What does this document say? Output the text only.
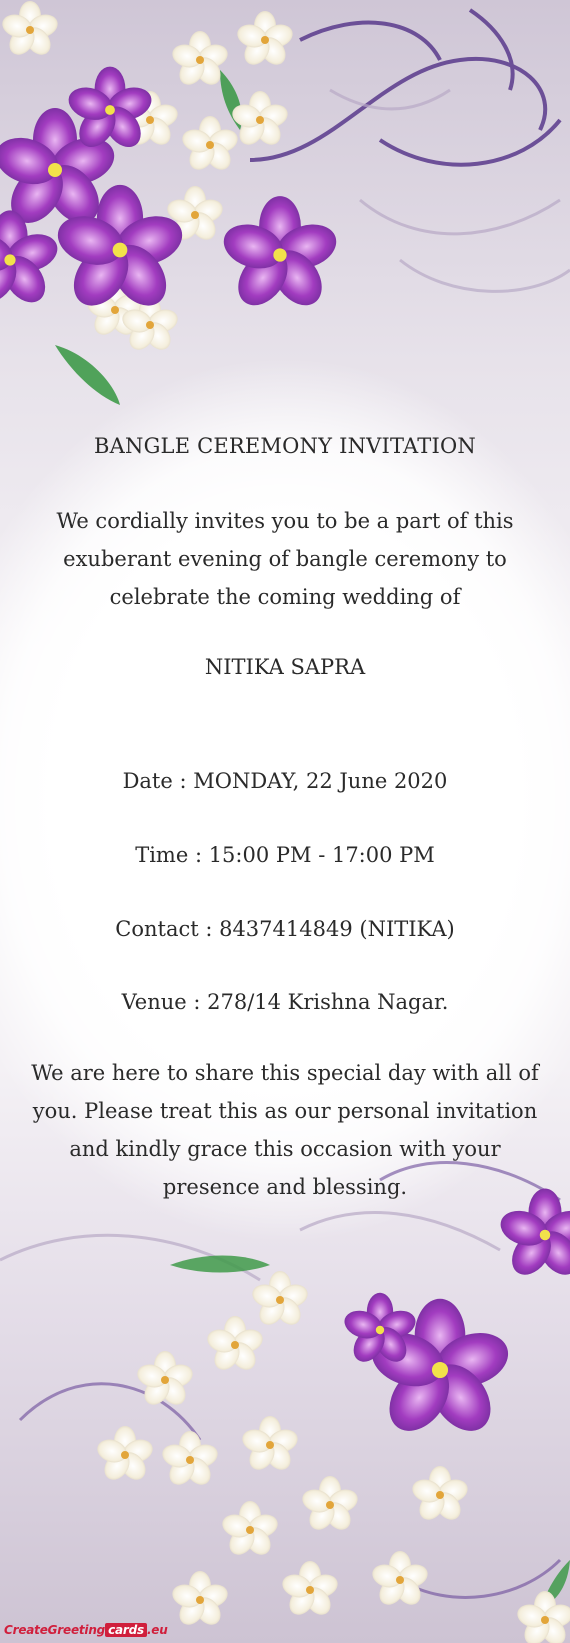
BANGLE CEREMONY INVITATION
We cordially invites you to be a part of this exuberant evening of bangle ceremony to celebrate the coming wedding of
NITIKA SAPRA
Date : MONDAY, 22 June 2020
Time : 15:00 PM - 17:00 PM
Contact : 8437414849 (NITIKA)
Venue : 278/14 Krishna Nagar.
We are here to share this special day with all of you. Please treat this as our personal invitation and kindly grace this occasion with your presence and blessing.
CreateGreeting cards .eu
